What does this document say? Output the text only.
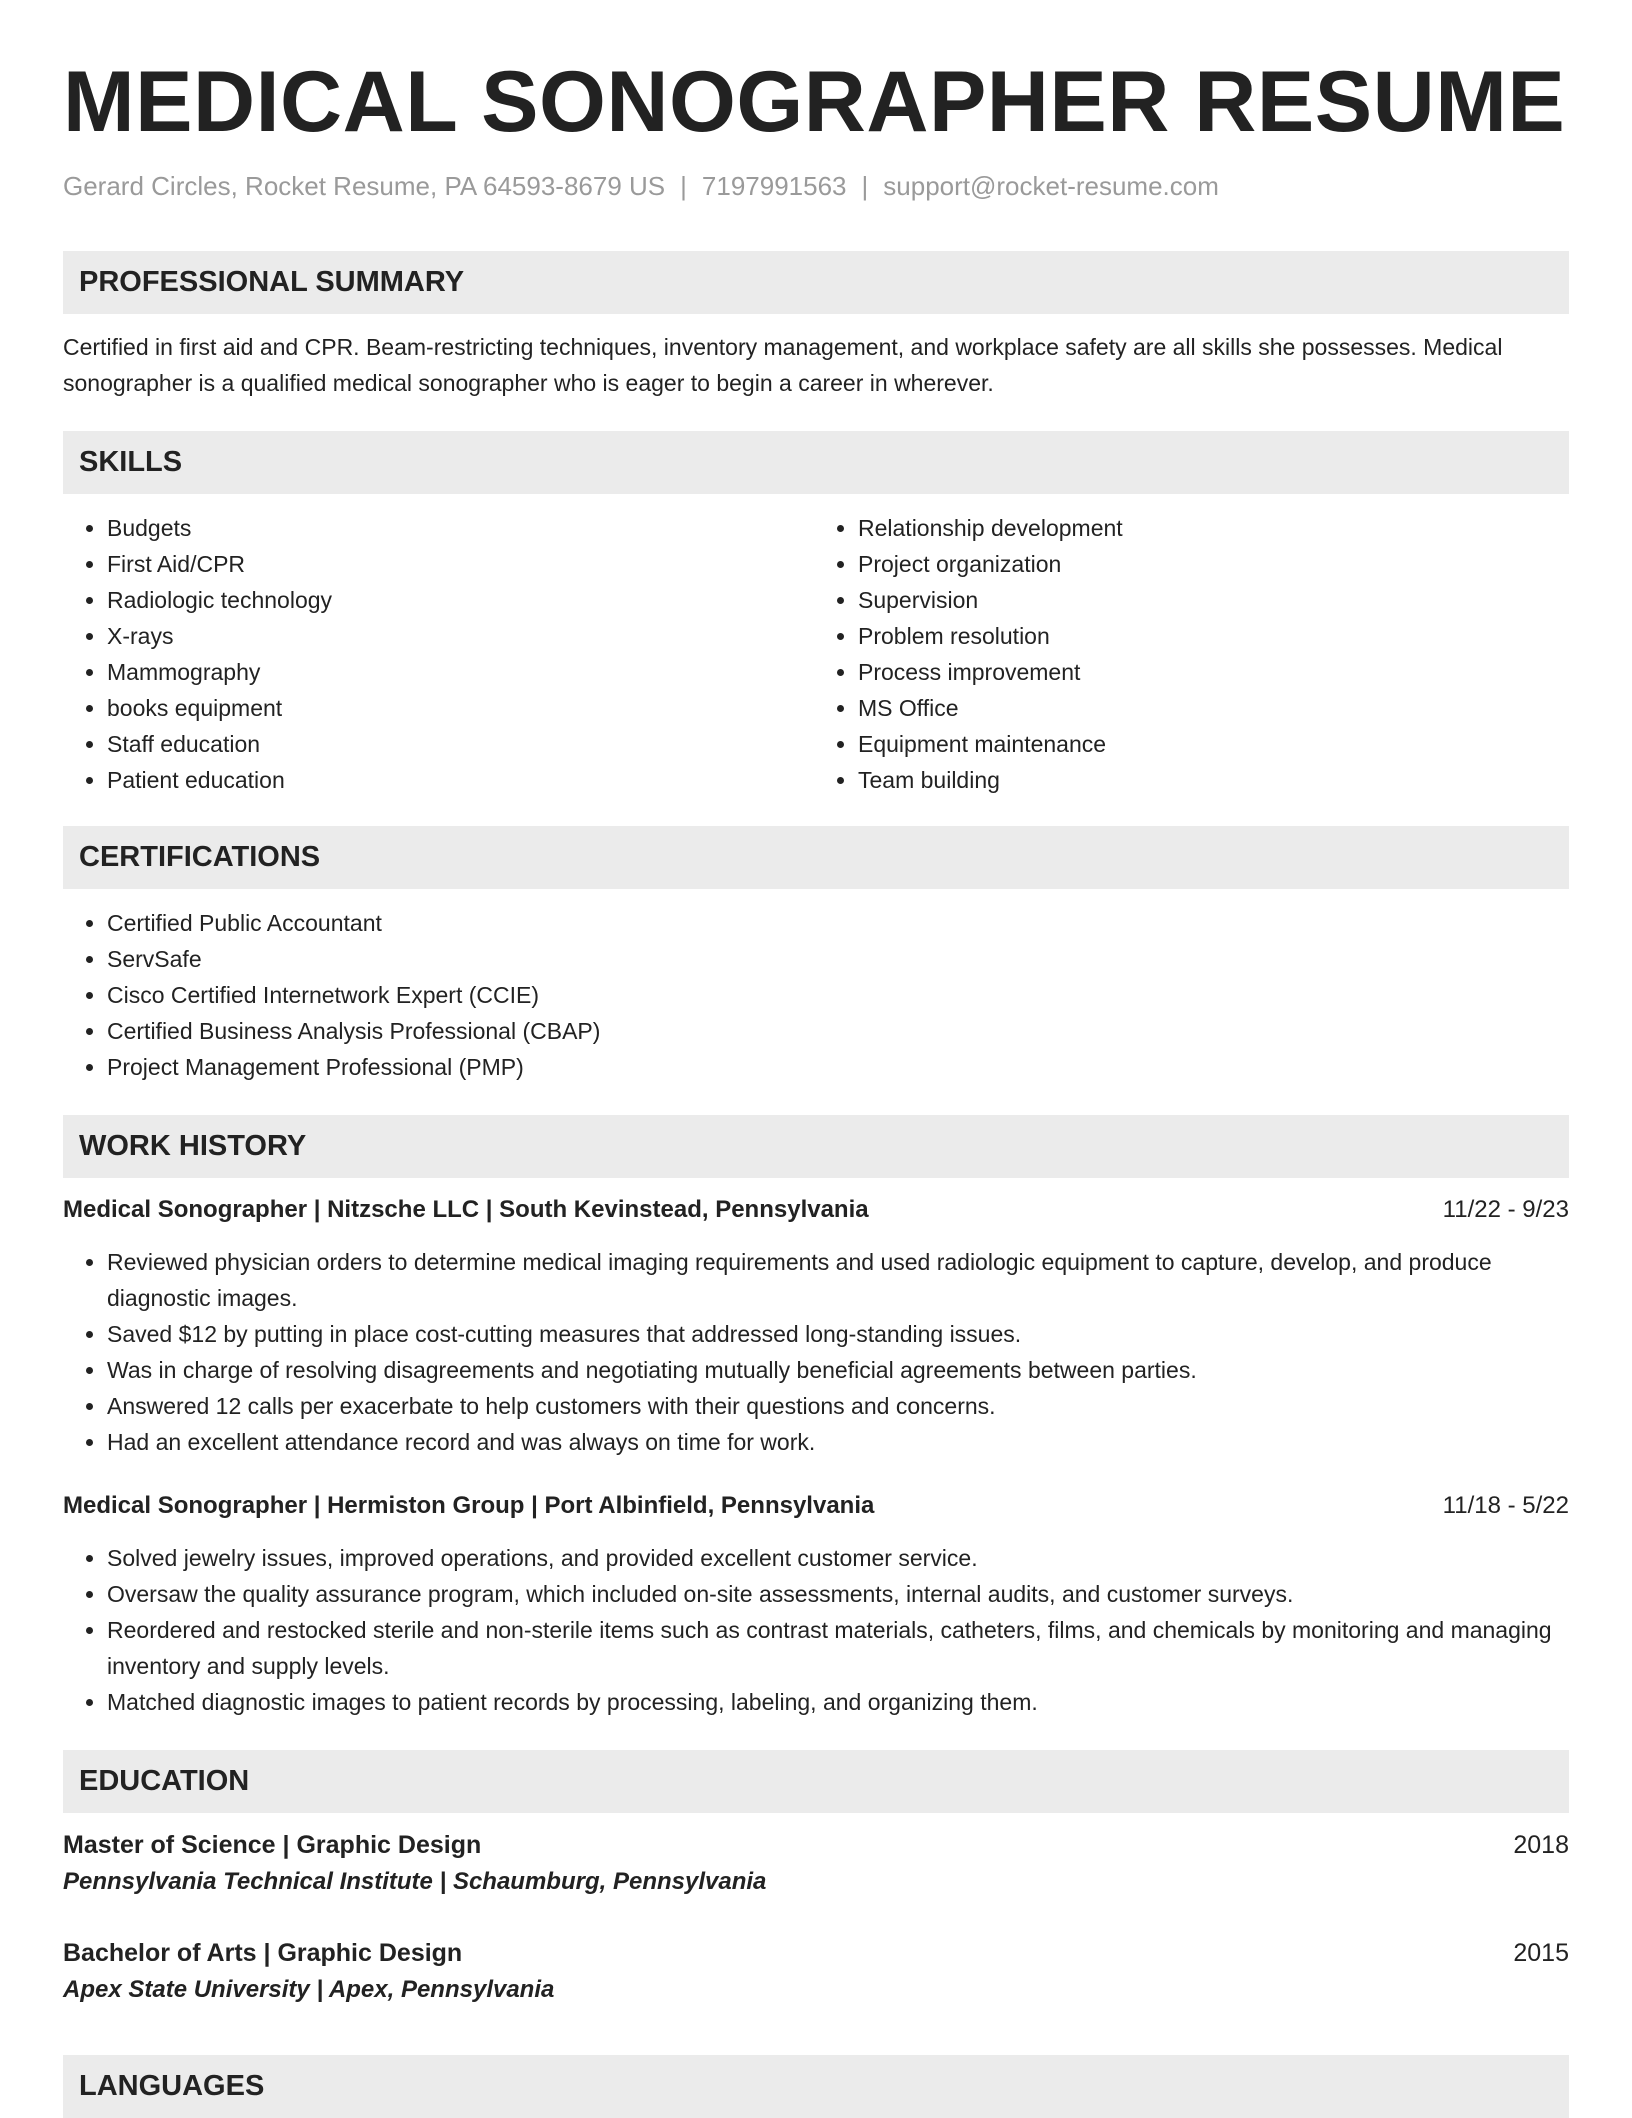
MEDICAL SONOGRAPHER RESUME
Gerard Circles, Rocket Resume, PA 64593-8679 US | 7197991563 | support@rocket-resume.com
PROFESSIONAL SUMMARY
Certified in first aid and CPR. Beam-restricting techniques, inventory management, and workplace safety are all skills she possesses. Medical sonographer is a qualified medical sonographer who is eager to begin a career in wherever.
SKILLS
• Budgets
• First Aid/CPR
• Radiologic technology
• X-rays
• Mammography
• books equipment
• Staff education
• Patient education
• Relationship development
• Project organization
• Supervision
• Problem resolution
• Process improvement
• MS Office
• Equipment maintenance
• Team building
CERTIFICATIONS
• Certified Public Accountant
• ServSafe
• Cisco Certified Internetwork Expert (CCIE)
• Certified Business Analysis Professional (CBAP)
• Project Management Professional (PMP)
WORK HISTORY
Medical Sonographer | Nitzsche LLC | South Kevinstead, Pennsylvania	11/22 - 9/23
• Reviewed physician orders to determine medical imaging requirements and used radiologic equipment to capture, develop, and produce diagnostic images.
• Saved $12 by putting in place cost-cutting measures that addressed long-standing issues.
• Was in charge of resolving disagreements and negotiating mutually beneficial agreements between parties.
• Answered 12 calls per exacerbate to help customers with their questions and concerns.
• Had an excellent attendance record and was always on time for work.
Medical Sonographer | Hermiston Group | Port Albinfield, Pennsylvania	11/18 - 5/22
• Solved jewelry issues, improved operations, and provided excellent customer service.
• Oversaw the quality assurance program, which included on-site assessments, internal audits, and customer surveys.
• Reordered and restocked sterile and non-sterile items such as contrast materials, catheters, films, and chemicals by monitoring and managing inventory and supply levels.
• Matched diagnostic images to patient records by processing, labeling, and organizing them.
EDUCATION
Master of Science | Graphic Design	2018
Pennsylvania Technical Institute | Schaumburg, Pennsylvania
Bachelor of Arts | Graphic Design	2015
Apex State University | Apex, Pennsylvania
LANGUAGES
